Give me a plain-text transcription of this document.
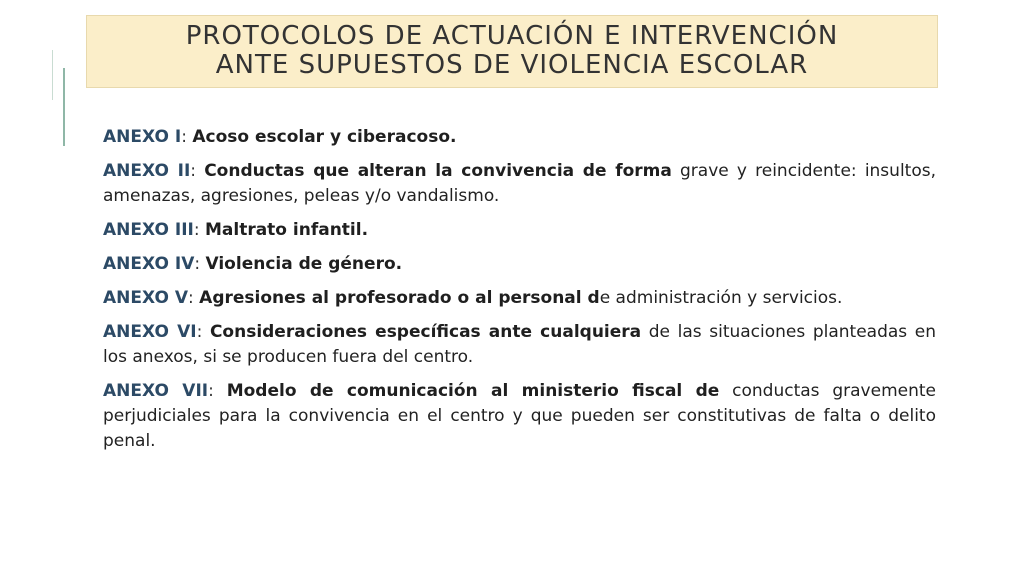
PROTOCOLOS DE ACTUACIÓN E INTERVENCIÓN
ANTE SUPUESTOS DE VIOLENCIA ESCOLAR

ANEXO I: Acoso escolar y ciberacoso.

ANEXO II: Conductas que alteran la convivencia de forma grave y reincidente: insultos, amenazas, agresiones, peleas y/o vandalismo.

ANEXO III: Maltrato infantil.

ANEXO IV: Violencia de género.

ANEXO V: Agresiones al profesorado o al personal de administración y servicios.

ANEXO VI: Consideraciones específicas ante cualquiera de las situaciones planteadas en los anexos, si se producen fuera del centro.

ANEXO VII: Modelo de comunicación al ministerio fiscal de conductas gravemente perjudiciales para la convivencia en el centro y que pueden ser constitutivas de falta o delito penal.
